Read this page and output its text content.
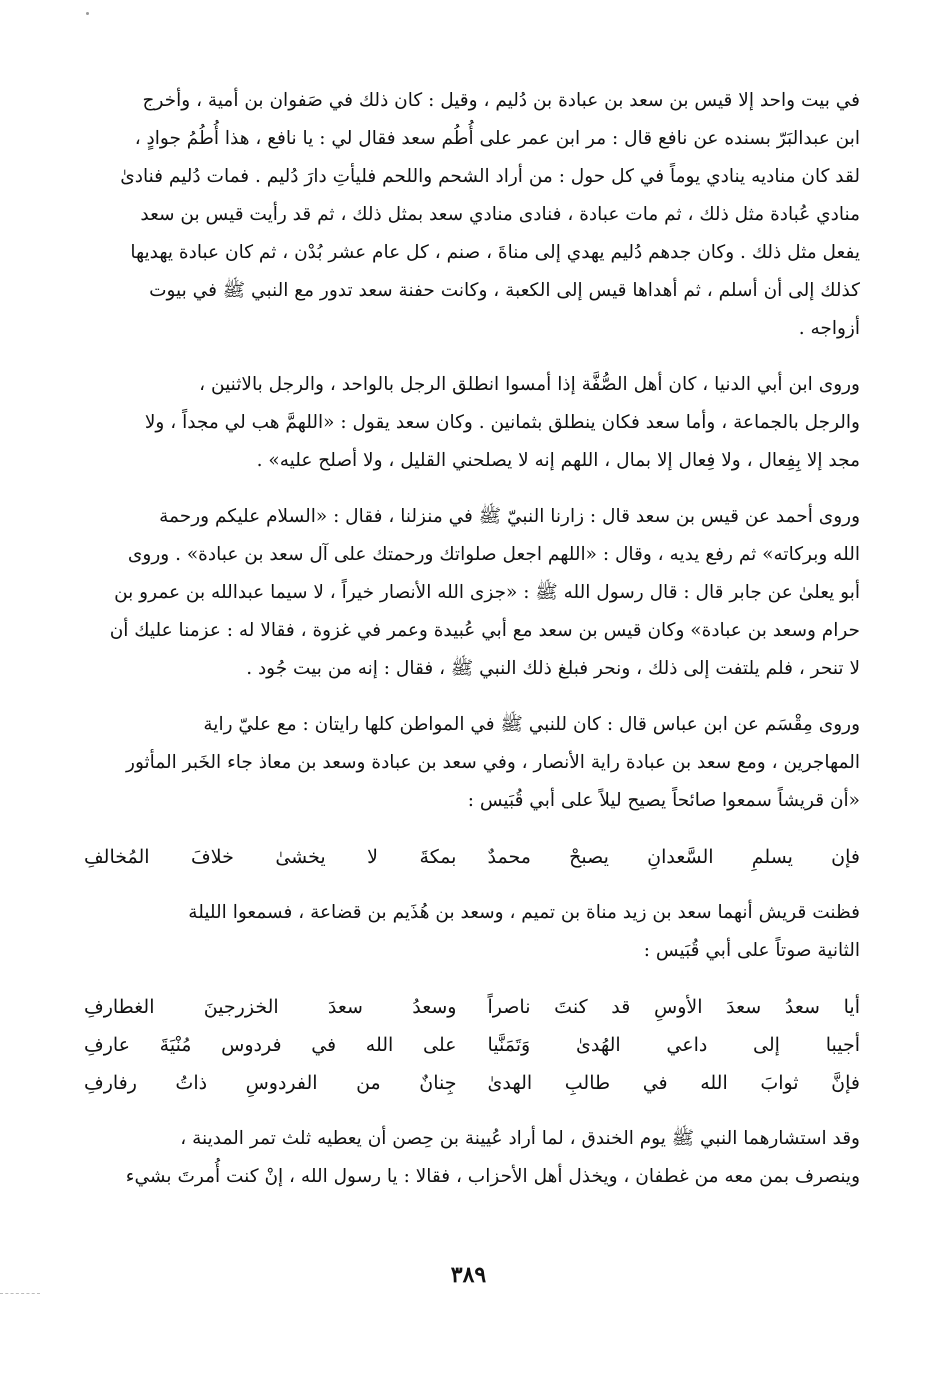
في بيت واحد إلا قيس بن سعد بن عبادة بن دُليم ، وقيل : كان ذلك في صَفوان بن أمية ، وأخرج
ابن عبدالبَرّ بسنده عن نافع قال : مر ابن عمر على أُطُم سعد فقال لي : يا نافع ، هذا أُطُمُ جوادٍ ،
لقد كان مناديه ينادي يوماً في كل حول : من أراد الشحم واللحم فليأتِ دارَ دُليم . فمات دُليم فنادىٰ
منادي عُبادة مثل ذلك ، ثم مات عبادة ، فنادى منادي سعد بمثل ذلك ، ثم قد رأيت قيس بن سعد
يفعل مثل ذلك . وكان جدهم دُليم يهدي إلى مناةَ ، صنم ، كل عام عشر بُدْن ، ثم كان عبادة يهديها
كذلك إلى أن أسلم ، ثم أهداها قيس إلى الكعبة ، وكانت حفنة سعد تدور مع النبي ﷺ في بيوت
أزواجه .
وروى ابن أبي الدنيا ، كان أهل الصُّفَّة إذا أمسوا انطلق الرجل بالواحد ، والرجل بالاثنين ،
والرجل بالجماعة ، وأما سعد فكان ينطلق بثمانين . وكان سعد يقول : «اللهمَّ هب لي مجداً ، ولا
مجد إلا بِفِعال ، ولا فِعال إلا بمال ، اللهم إنه لا يصلحني القليل ، ولا أصلح عليه» .
وروى أحمد عن قيس بن سعد قال : زارنا النبيّ ﷺ في منزلنا ، فقال : «السلام عليكم ورحمة
الله وبركاته» ثم رفع يديه ، وقال : «اللهم اجعل صلواتك ورحمتك على آل سعد بن عبادة» . وروى
أبو يعلىٰ عن جابر قال : قال رسول الله ﷺ : «جزى الله الأنصار خيراً ، لا سيما عبدالله بن عمرو بن
حرام وسعد بن عبادة» وكان قيس بن سعد مع أبي عُبيدة وعمر في غزوة ، فقالا له : عزمنا عليك أن
لا تنحر ، فلم يلتفت إلى ذلك ، ونحر فبلغ ذلك النبي ﷺ ، فقال : إنه من بيت جُود .
وروى مِقْسَم عن ابن عباس قال : كان للنبي ﷺ في المواطن كلها رايتان : مع عليّ راية
المهاجرين ، ومع سعد بن عبادة راية الأنصار ، وفي سعد بن عبادة وسعد بن معاذ جاء الخَبر المأثور
«أن قريشاً سمعوا صائحاً يصيح ليلاً على أبي قُبَيس :
فإن يسلمِ السَّعدانِ يصبحْ محمدٌ
بمكةَ لا يخشىٰ خلافَ المُخالفِ
فظنت قريش أنهما سعد بن زيد مناة بن تميم ، وسعد بن هُذَيم بن قضاعة ، فسمعوا الليلة
الثانية صوتاً على أبي قُبَيس :
أيا سعدُ سعدَ الأوسِ قد كنتَ ناصراً
وسعدُ سعدَ الخزرجينَ الغطارفِ
أجيبا إلى داعي الهُدىٰ وَتَمَنَّيا
على الله في فردوس مُنْيَةَ عارفِ
فإنَّ ثوابَ الله في طالبِ الهدىٰ
جِنانٌ من الفردوسِ ذاتُ رفارفِ
وقد استشارهما النبي ﷺ يوم الخندق ، لما أراد عُيينة بن حِصن أن يعطيه ثلث تمر المدينة ،
وينصرف بمن معه من غطفان ، ويخذل أهل الأحزاب ، فقالا : يا رسول الله ، إنْ كنت أُمرتَ بشيء
٣٨٩
